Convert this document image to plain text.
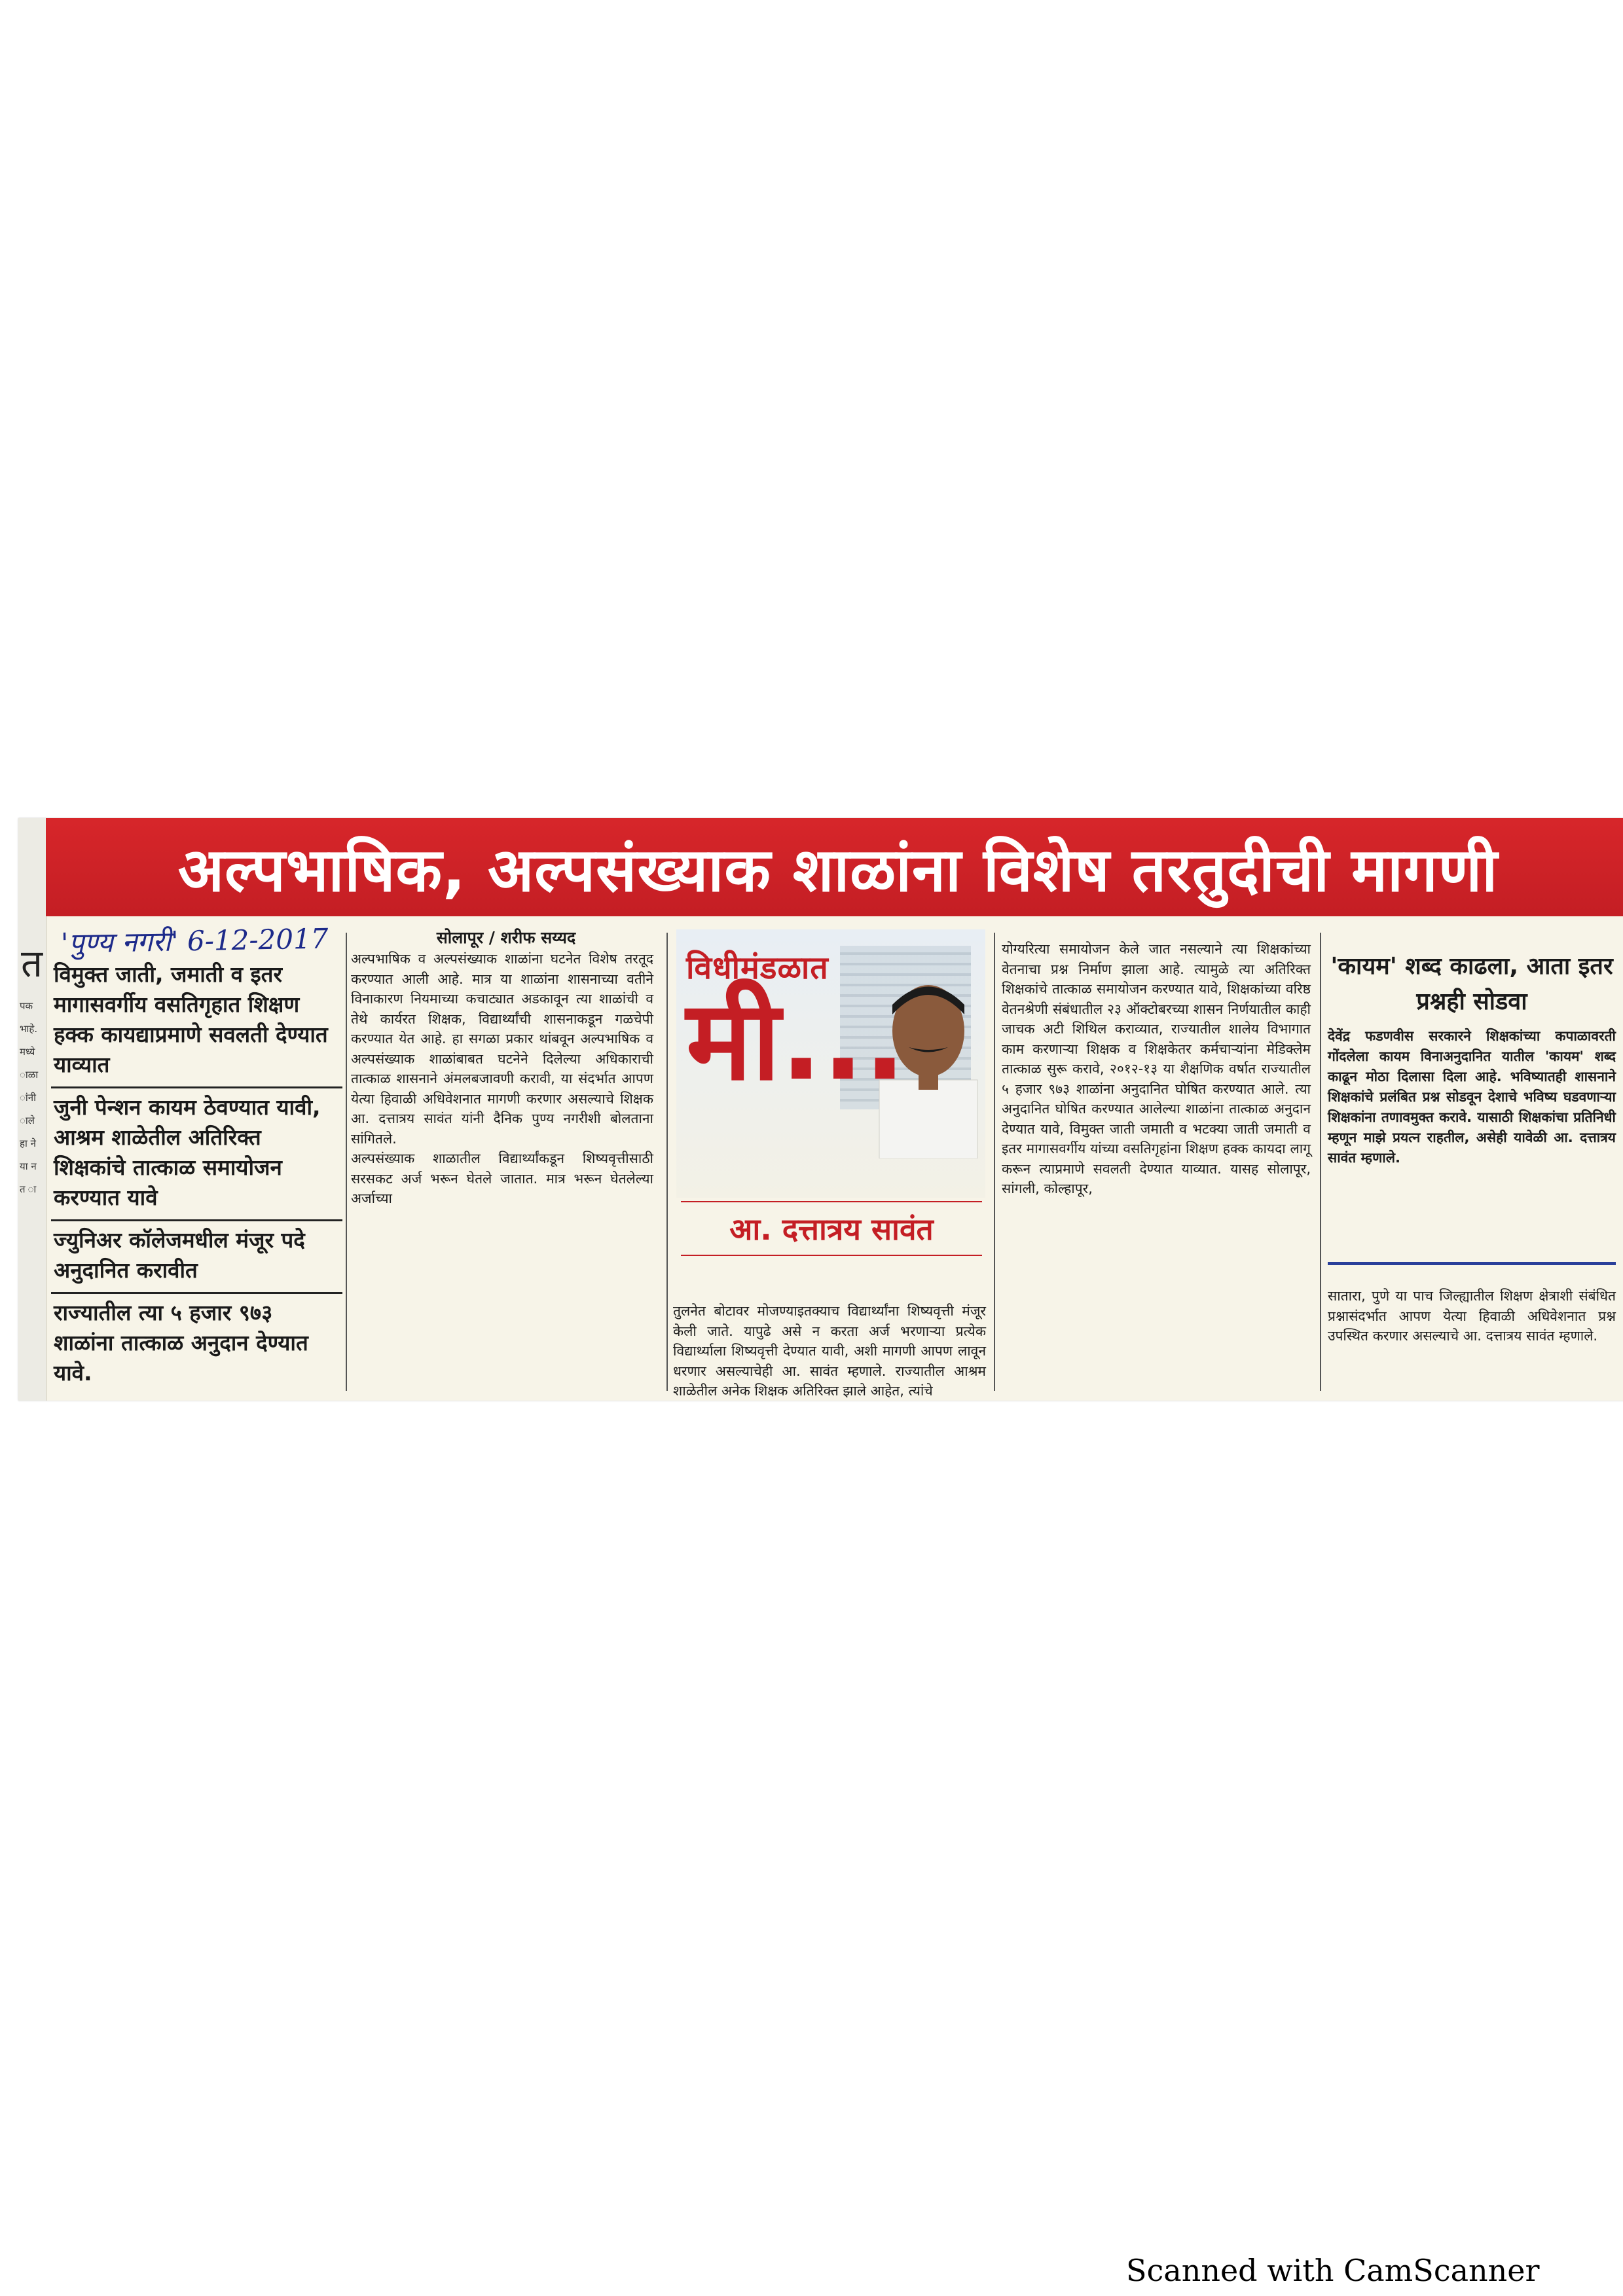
त
पक भाहे. मध्ये ाळा ांनी ाले हा ने या न त ा
अल्पभाषिक, अल्पसंख्याक शाळांना विशेष तरतुदीची मागणी
'पुण्य नगरी' 6-12-2017
विमुक्त जाती, जमाती व इतर मागासवर्गीय वसतिगृहात शिक्षण हक्क कायद्याप्रमाणे सवलती देण्यात याव्यात
जुनी पेन्शन कायम ठेवण्यात यावी, आश्रम शाळेतील अतिरिक्त शिक्षकांचे तात्काळ समायोजन करण्यात यावे
ज्युनिअर कॉलेजमधील मंजूर पदे अनुदानित करावीत
राज्यातील त्या ५ हजार ९७३ शाळांना तात्काळ अनुदान देण्यात यावे.
सोलापूर / शरीफ सय्यद
अल्पभाषिक व अल्पसंख्याक शाळांना घटनेत विशेष तरतूद करण्यात आली आहे. मात्र या शाळांना शासनाच्या वतीने विनाकारण नियमाच्या कचाट्यात अडकावून त्या शाळांची व तेथे कार्यरत शिक्षक, विद्यार्थ्यांची शासनाकडून गळचेपी करण्यात येत आहे. हा सगळा प्रकार थांबवून अल्पभाषिक व अल्पसंख्याक शाळांबाबत घटनेने दिलेल्या अधिकाराची तात्काळ शासनाने अंमलबजावणी करावी, या संदर्भात आपण येत्या हिवाळी अधिवेशनात मागणी करणार असल्याचे शिक्षक आ. दत्तात्रय सावंत यांनी दैनिक पुण्य नगरीशी बोलताना सांगितले.
अल्पसंख्याक शाळातील विद्यार्थ्यांकडून शिष्यवृत्तीसाठी सरसकट अर्ज भरून घेतले जातात. मात्र भरून घेतलेल्या अर्जाच्या
विधीमंडळात
मी...
आ. दत्तात्रय सावंत
तुलनेत बोटावर मोजण्याइतक्याच विद्यार्थ्यांना शिष्यवृत्ती मंजूर केली जाते. यापुढे असे न करता अर्ज भरणाऱ्या प्रत्येक विद्यार्थ्याला शिष्यवृत्ती देण्यात यावी, अशी मागणी आपण लावून धरणार असल्याचेही आ. सावंत म्हणाले. राज्यातील आश्रम शाळेतील अनेक शिक्षक अतिरिक्त झाले आहेत, त्यांचे
योग्यरित्या समायोजन केले जात नसल्याने त्या शिक्षकांच्या वेतनाचा प्रश्न निर्माण झाला आहे. त्यामुळे त्या अतिरिक्त शिक्षकांचे तात्काळ समायोजन करण्यात यावे, शिक्षकांच्या वरिष्ठ वेतनश्रेणी संबंधातील २३ ऑक्टोबरच्या शासन निर्णयातील काही जाचक अटी शिथिल कराव्यात, राज्यातील शालेय विभागात काम करणाऱ्या शिक्षक व शिक्षकेतर कर्मचाऱ्यांना मेडिक्लेम तात्काळ सुरू करावे, २०१२-१३ या शैक्षणिक वर्षात राज्यातील ५ हजार ९७३ शाळांना अनुदानित घोषित करण्यात आले. त्या अनुदानित घोषित करण्यात आलेल्या शाळांना तात्काळ अनुदान देण्यात यावे, विमुक्त जाती जमाती व भटक्या जाती जमाती व इतर मागासवर्गीय यांच्या वसतिगृहांना शिक्षण हक्क कायदा लागू करून त्याप्रमाणे सवलती देण्यात याव्यात. यासह सोलापूर, सांगली, कोल्हापूर,
'कायम' शब्द काढला, आता इतर प्रश्नही सोडवा
देवेंद्र फडणवीस सरकारने शिक्षकांच्या कपाळावरती गोंदलेला कायम विनाअनुदानित यातील 'कायम' शब्द काढून मोठा दिलासा दिला आहे. भविष्यातही शासनाने शिक्षकांचे प्रलंबित प्रश्न सोडवून देशाचे भविष्य घडवणाऱ्या शिक्षकांना तणावमुक्त करावे. यासाठी शिक्षकांचा प्रतिनिधी म्हणून माझे प्रयत्न राहतील, असेही यावेळी आ. दत्तात्रय सावंत म्हणाले.
सातारा, पुणे या पाच जिल्ह्यातील शिक्षण क्षेत्राशी संबंधित प्रश्नासंदर्भात आपण येत्या हिवाळी अधिवेशनात प्रश्न उपस्थित करणार असल्याचे आ. दत्तात्रय सावंत म्हणाले.
Scanned with CamScanner
